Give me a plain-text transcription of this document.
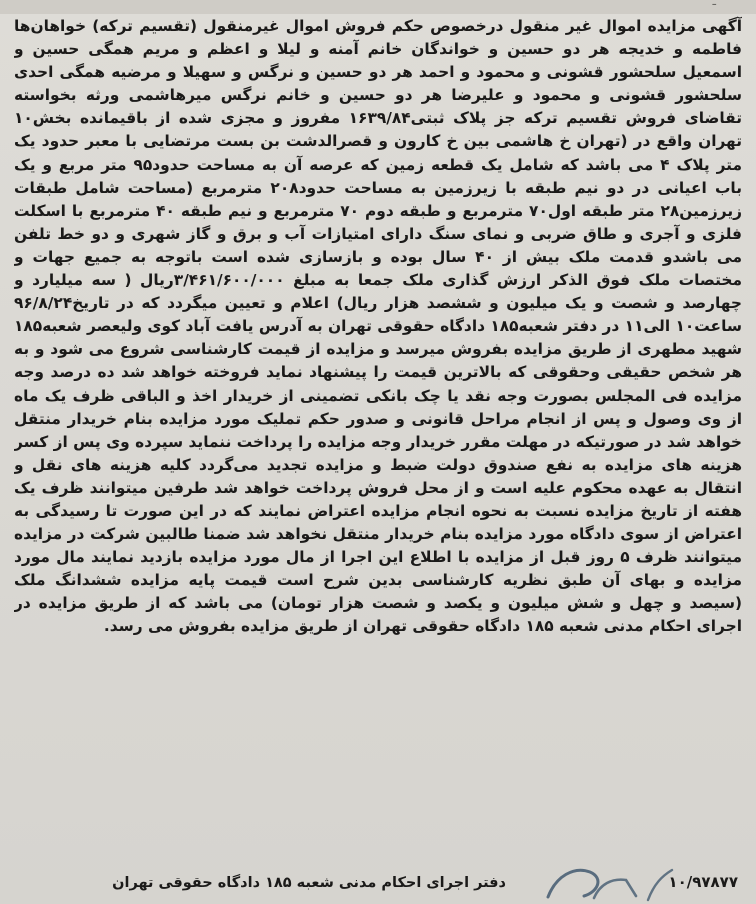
ـ
آگهی مزایده اموال غیر منقول درخصوص حکم فروش اموال غیرمنقول (تقسیم ترکه) خواهان‌ها فاطمه و خدیجه هر دو حسین و خواندگان خانم آمنه و لیلا و اعظم و مریم همگی حسین و اسمعیل سلحشور قشونی و محمود و احمد هر دو حسین و نرگس و سهیلا و مرضیه همگی احدی سلحشور قشونی و محمود و علیرضا هر دو حسین و خانم نرگس میرهاشمی ورثه بخواسته تقاضای فروش تقسیم ترکه جز پلاک ثبتی۱۶۳۹/۸۴ مفروز و مجزی شده از باقیمانده بخش۱۰ تهران واقع در (تهران خ هاشمی بین خ کارون و قصرالدشت بن بست مرتضایی با معبر حدود یک متر پلاک ۴ می باشد که شامل یک قطعه زمین که عرصه آن به مساحت حدود۹۵ متر مربع و یک باب اعیانی در دو نیم طبقه با زیرزمین به مساحت حدود۲۰۸ مترمربع (مساحت شامل طبقات زیرزمین۲۸ متر طبقه اول۷۰ مترمربع و طبقه دوم ۷۰ مترمربع و نیم طبقه ۴۰ مترمربع با اسکلت فلزی و آجری و طاق ضربی و نمای سنگ دارای امتیازات آب و برق و گاز شهری و دو خط تلفن می باشدو قدمت ملک بیش از ۴۰ سال بوده و بازسازی شده است باتوجه به جمیع جهات و مختصات ملک فوق الذکر ارزش گذاری ملک جمعا به مبلغ ۳/۴۶۱/۶۰۰/۰۰۰ریال ( سه میلیارد و چهارصد و شصت و یک میلیون و ششصد هزار ریال) اعلام و تعیین میگردد که در تاریخ۹۶/۸/۲۴ ساعت۱۰ الی۱۱ در دفتر شعبه۱۸۵ دادگاه حقوقی تهران به آدرس یافت آباد کوی ولیعصر شعبه۱۸۵ شهید مطهری از طریق مزایده بفروش میرسد و مزایده از قیمت کارشناسی شروع می شود و به هر شخص حقیقی وحقوقی که بالاترین قیمت را پیشنهاد نماید فروخته خواهد شد ده درصد وجه مزایده فی المجلس بصورت وجه نقد یا چک بانکی تضمینی از خریدار اخذ و الباقی ظرف یک ماه از وی وصول و پس از انجام مراحل قانونی و صدور حکم تملیک مورد مزایده بنام خریدار منتقل خواهد شد در صورتیکه در مهلت مقرر خریدار وجه مزایده را پرداخت ننماید سپرده وی پس از کسر هزینه های مزایده به نفع صندوق دولت ضبط و مزایده تجدید می‌گردد کلیه هزینه های نقل و انتقال به عهده محکوم علیه است و از محل فروش پرداخت خواهد شد طرفین میتوانند ظرف یک هفته از تاریخ مزایده نسبت به نحوه انجام مزایده اعتراض نمایند که در این صورت تا رسیدگی به اعتراض از سوی دادگاه مورد مزایده بنام خریدار منتقل نخواهد شد ضمنا طالبین شرکت در مزایده میتوانند ظرف ۵ روز قبل از مزایده با اطلاع این اجرا از مال مورد مزایده بازدید نمایند مال مورد مزایده و بهای آن طبق نظریه کارشناسی بدین شرح است قیمت پایه مزایده ششدانگ ملک (سیصد و چهل و شش میلیون و یکصد و شصت هزار تومان) می باشد که از طریق مزایده در اجرای احکام مدنی شعبه ۱۸۵ دادگاه حقوقی تهران از طریق مزایده بفروش می رسد.
دفتر اجرای احکام مدنی شعبه ۱۸۵ دادگاه حقوقی تهران	۱۰/۹۷۸۷۷
